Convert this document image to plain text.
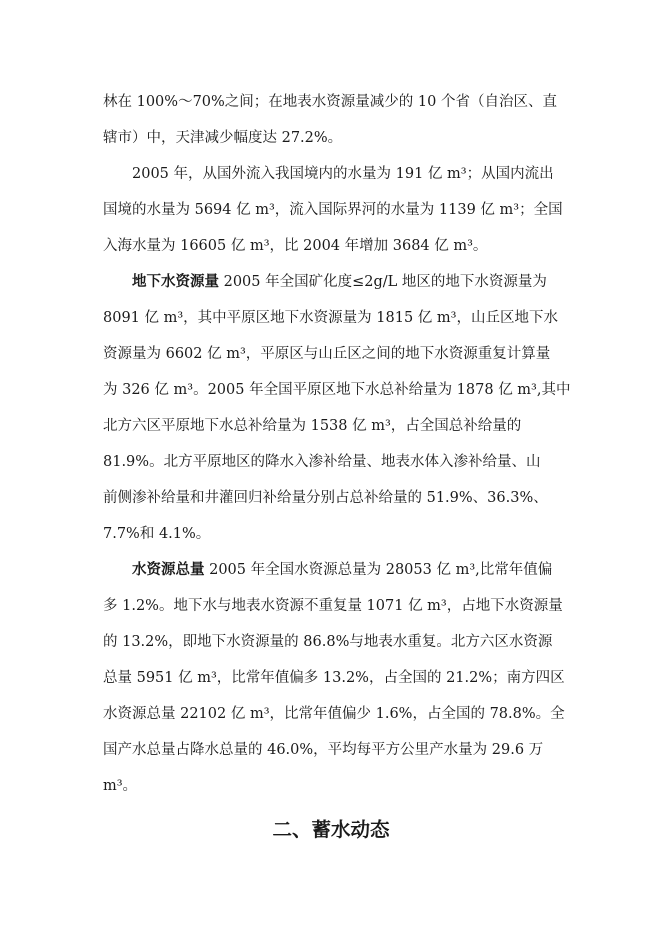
林在 100%～70%之间；在地表水资源量减少的 10 个省（自治区、直
辖市）中，天津减少幅度达 27.2%。
2005 年，从国外流入我国境内的水量为 191 亿 m³；从国内流出
国境的水量为 5694 亿 m³，流入国际界河的水量为 1139 亿 m³；全国
入海水量为 16605 亿 m³，比 2004 年增加 3684 亿 m³。
地下水资源量 2005 年全国矿化度≤2g/L 地区的地下水资源量为
8091 亿 m³，其中平原区地下水资源量为 1815 亿 m³，山丘区地下水
资源量为 6602 亿 m³，平原区与山丘区之间的地下水资源重复计算量
为 326 亿 m³。2005 年全国平原区地下水总补给量为 1878 亿 m³,其中
北方六区平原地下水总补给量为 1538 亿 m³，占全国总补给量的
81.9%。北方平原地区的降水入渗补给量、地表水体入渗补给量、山
前侧渗补给量和井灌回归补给量分别占总补给量的 51.9%、36.3%、
7.7%和 4.1%。
水资源总量 2005 年全国水资源总量为 28053 亿 m³,比常年值偏
多 1.2%。地下水与地表水资源不重复量 1071 亿 m³，占地下水资源量
的 13.2%，即地下水资源量的 86.8%与地表水重复。北方六区水资源
总量 5951 亿 m³，比常年值偏多 13.2%，占全国的 21.2%；南方四区
水资源总量 22102 亿 m³，比常年值偏少 1.6%，占全国的 78.8%。全
国产水总量占降水总量的 46.0%，平均每平方公里产水量为 29.6 万
m³。
二、蓄水动态
